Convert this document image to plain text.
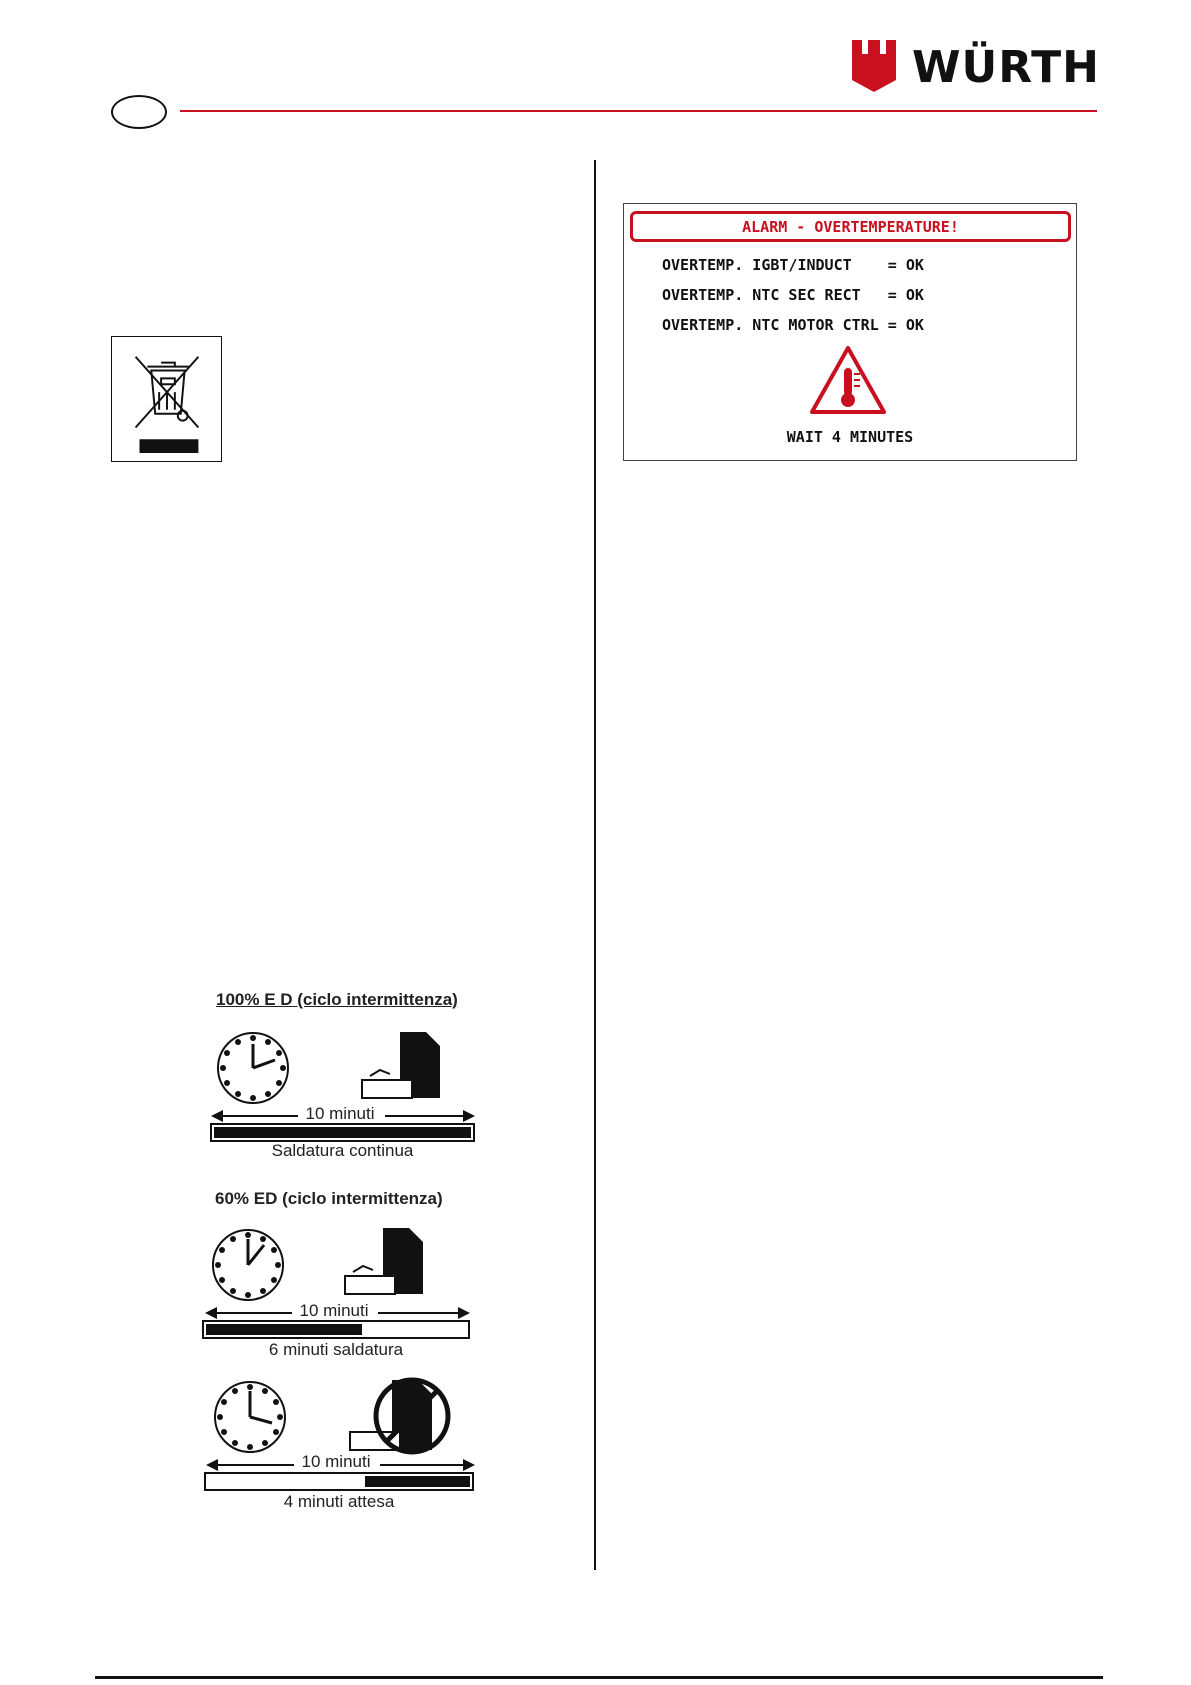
WÜRTH
ALARM - OVERTEMPERATURE!
OVERTEMP. IGBT/INDUCT    = OK
OVERTEMP. NTC SEC RECT   = OK
OVERTEMP. NTC MOTOR CTRL = OK
WAIT 4 MINUTES
100% E D (ciclo intermittenza)
10 minuti
Saldatura continua
60% ED (ciclo intermittenza)
10 minuti
6 minuti saldatura
10 minuti
4 minuti attesa
